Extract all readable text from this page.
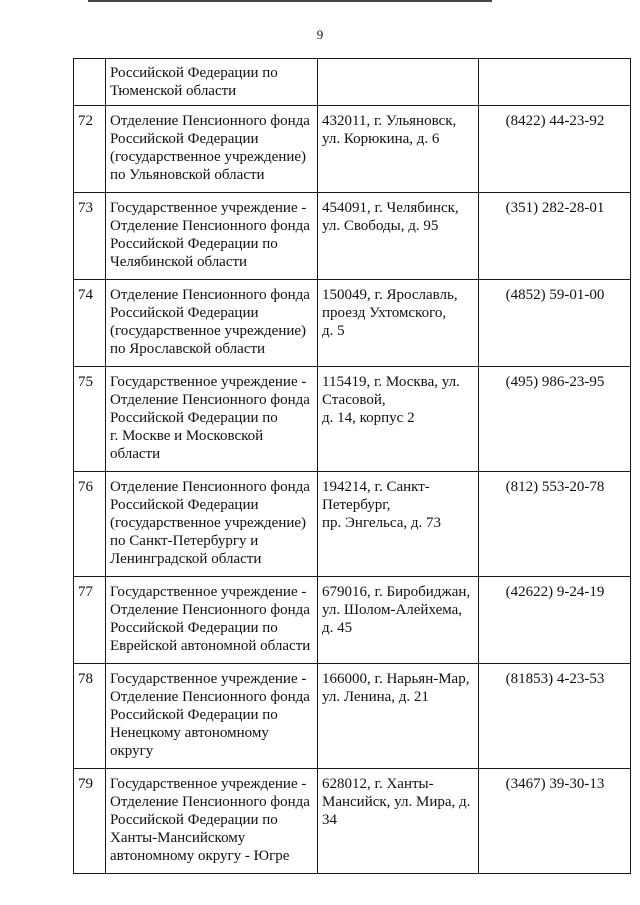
9

	Российской Федерации по
Тюменской области		

72	Отделение Пенсионного фонда
Российской Федерации
(государственное учреждение)
по Ульяновской области	432011, г. Ульяновск,
ул. Корюкина, д. 6	(8422) 44-23-92
73	Государственное учреждение -
Отделение Пенсионного фонда
Российской Федерации по
Челябинской области	454091, г. Челябинск,
ул. Свободы, д. 95	(351) 282-28-01
74	Отделение Пенсионного фонда
Российской Федерации
(государственное учреждение)
по Ярославской области	150049, г. Ярославль,
проезд Ухтомского,
д. 5	(4852) 59-01-00
75	Государственное учреждение -
Отделение Пенсионного фонда
Российской Федерации по
г. Москве и Московской
области	115419, г. Москва, ул.
Стасовой,
д. 14, корпус 2	(495) 986-23-95
76	Отделение Пенсионного фонда
Российской Федерации
(государственное учреждение)
по Санкт-Петербургу и
Ленинградской области	194214, г. Санкт-
Петербург,
пр. Энгельса, д. 73	(812) 553-20-78
77	Государственное учреждение -
Отделение Пенсионного фонда
Российской Федерации по
Еврейской автономной области	679016, г. Биробиджан,
ул. Шолом-Алейхема,
д. 45	(42622) 9-24-19
78	Государственное учреждение -
Отделение Пенсионного фонда
Российской Федерации по
Ненецкому автономному
округу	166000, г. Нарьян-Мар,
ул. Ленина, д. 21	(81853) 4-23-53
79	Государственное учреждение -
Отделение Пенсионного фонда
Российской Федерации по
Ханты-Мансийскому
автономному округу - Югре	628012, г. Ханты-
Мансийск, ул. Мира, д.
34	(3467) 39-30-13
